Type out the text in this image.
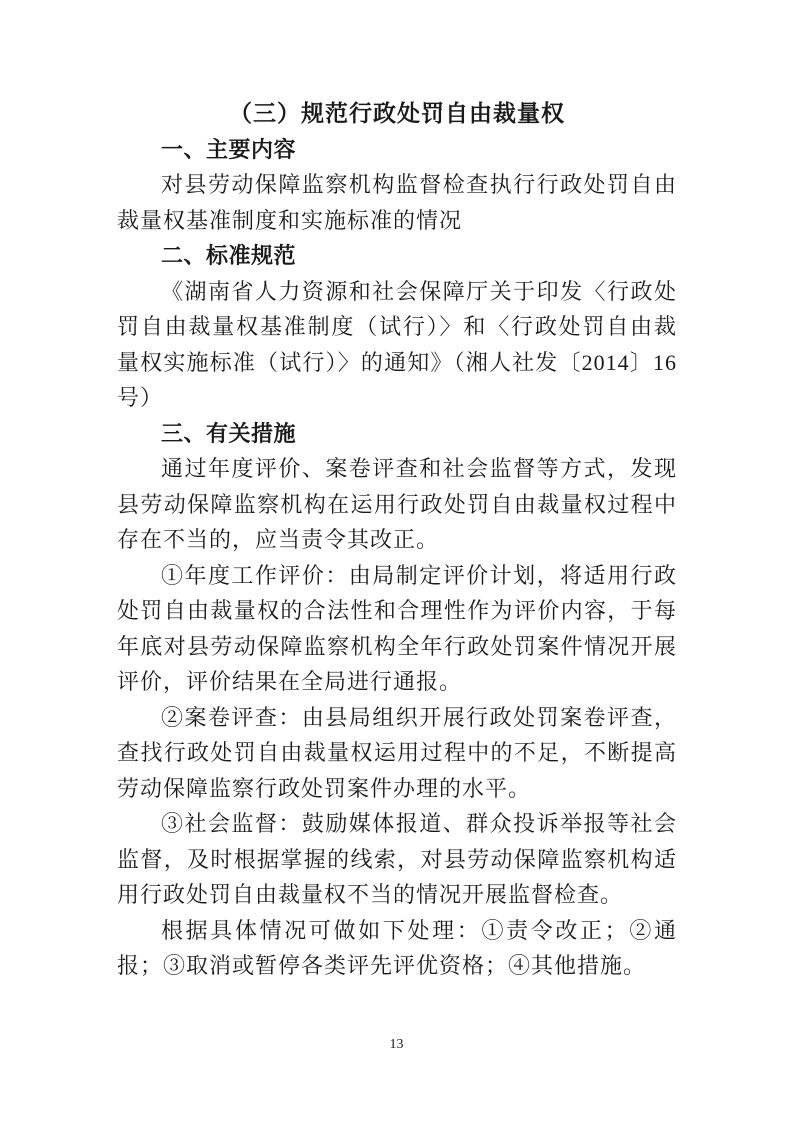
（三）规范行政处罚自由裁量权
一、主要内容

对县劳动保障监察机构监督检查执行行政处罚自由裁量权基准制度和实施标准的情况

二、标准规范

《湖南省人力资源和社会保障厅关于印发〈行政处罚自由裁量权基准制度（试行）〉和〈行政处罚自由裁量权实施标准（试行）〉的通知》（湘人社发〔2014〕16 号）

三、有关措施

通过年度评价、案卷评查和社会监督等方式，发现县劳动保障监察机构在运用行政处罚自由裁量权过程中存在不当的，应当责令其改正。

①年度工作评价：由局制定评价计划，将适用行政处罚自由裁量权的合法性和合理性作为评价内容，于每年底对县劳动保障监察机构全年行政处罚案件情况开展评价，评价结果在全局进行通报。

②案卷评查：由县局组织开展行政处罚案卷评查，查找行政处罚自由裁量权运用过程中的不足，不断提高劳动保障监察行政处罚案件办理的水平。

③社会监督：鼓励媒体报道、群众投诉举报等社会监督，及时根据掌握的线索，对县劳动保障监察机构适用行政处罚自由裁量权不当的情况开展监督检查。

根据具体情况可做如下处理：①责令改正；②通报；③取消或暂停各类评先评优资格；④其他措施。

13
